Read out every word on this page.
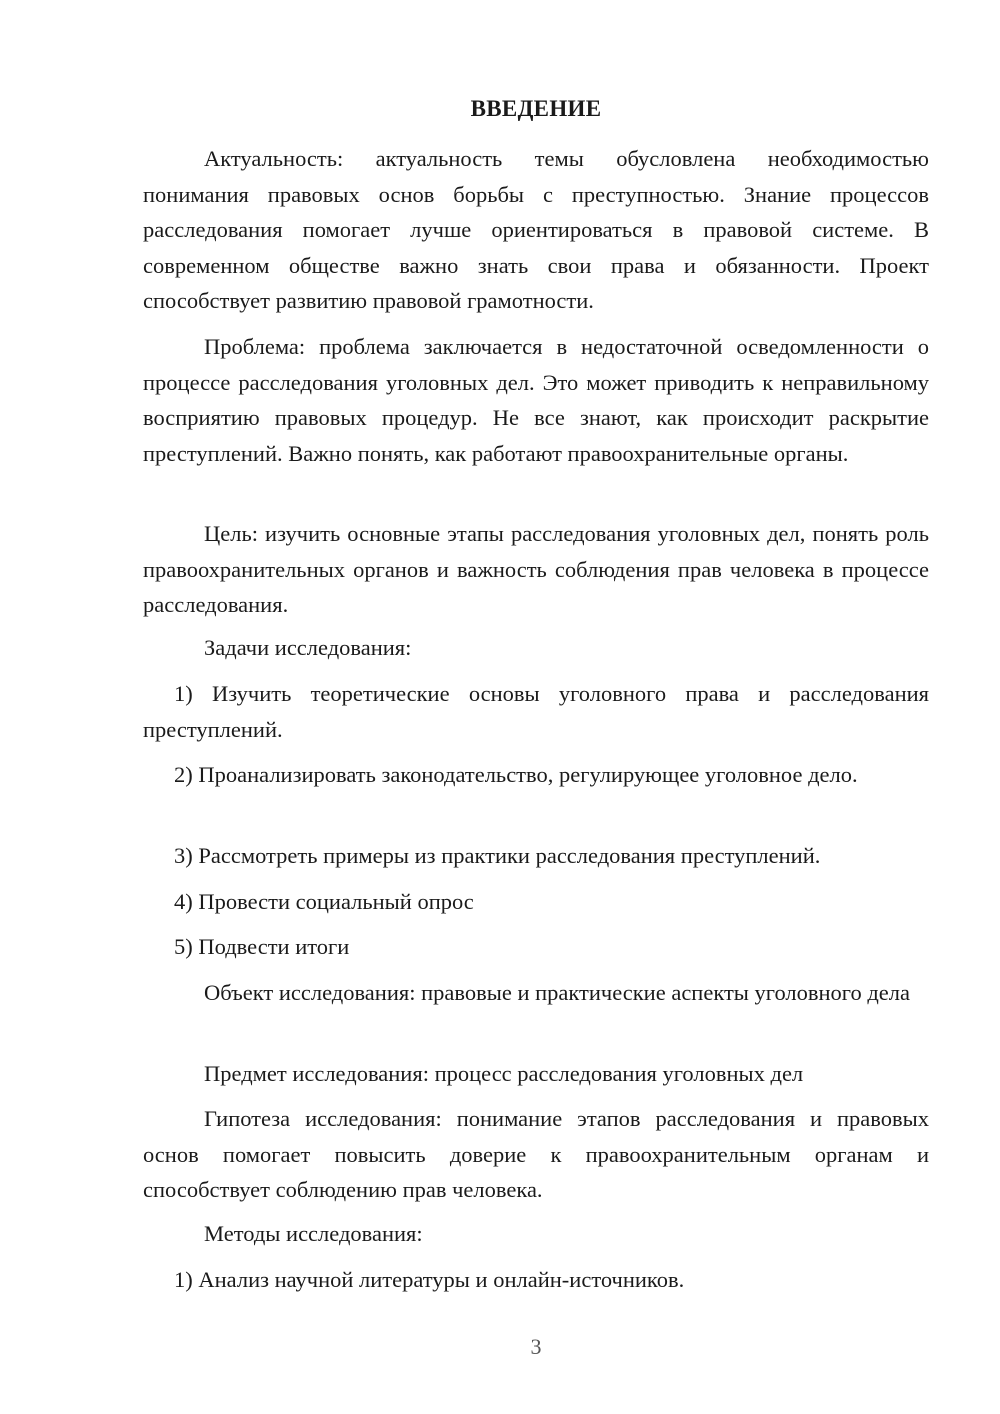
ВВЕДЕНИЕ

Актуальность: актуальность темы обусловлена необходимостью понимания правовых основ борьбы с преступностью. Знание процессов расследования помогает лучше ориентироваться в правовой системе. В современном обществе важно знать свои права и обязанности. Проект способствует развитию правовой грамотности.

Проблема: проблема заключается в недостаточной осведомленности о процессе расследования уголовных дел. Это может приводить к неправильному восприятию правовых процедур. Не все знают, как происходит раскрытие преступлений. Важно понять, как работают правоохранительные органы.

Цель: изучить основные этапы расследования уголовных дел, понять роль правоохранительных органов и важность соблюдения прав человека в процессе расследования.

Задачи исследования:

1) Изучить теоретические основы уголовного права и расследования преступлений.

2) Проанализировать законодательство, регулирующее уголовное дело.

3) Рассмотреть примеры из практики расследования преступлений.

4) Провести социальный опрос

5) Подвести итоги

Объект исследования: правовые и практические аспекты уголовного дела

Предмет исследования: процесс расследования уголовных дел

Гипотеза исследования: понимание этапов расследования и правовых основ помогает повысить доверие к правоохранительным органам и способствует соблюдению прав человека.

Методы исследования:

1) Анализ научной литературы и онлайн-источников.

3
